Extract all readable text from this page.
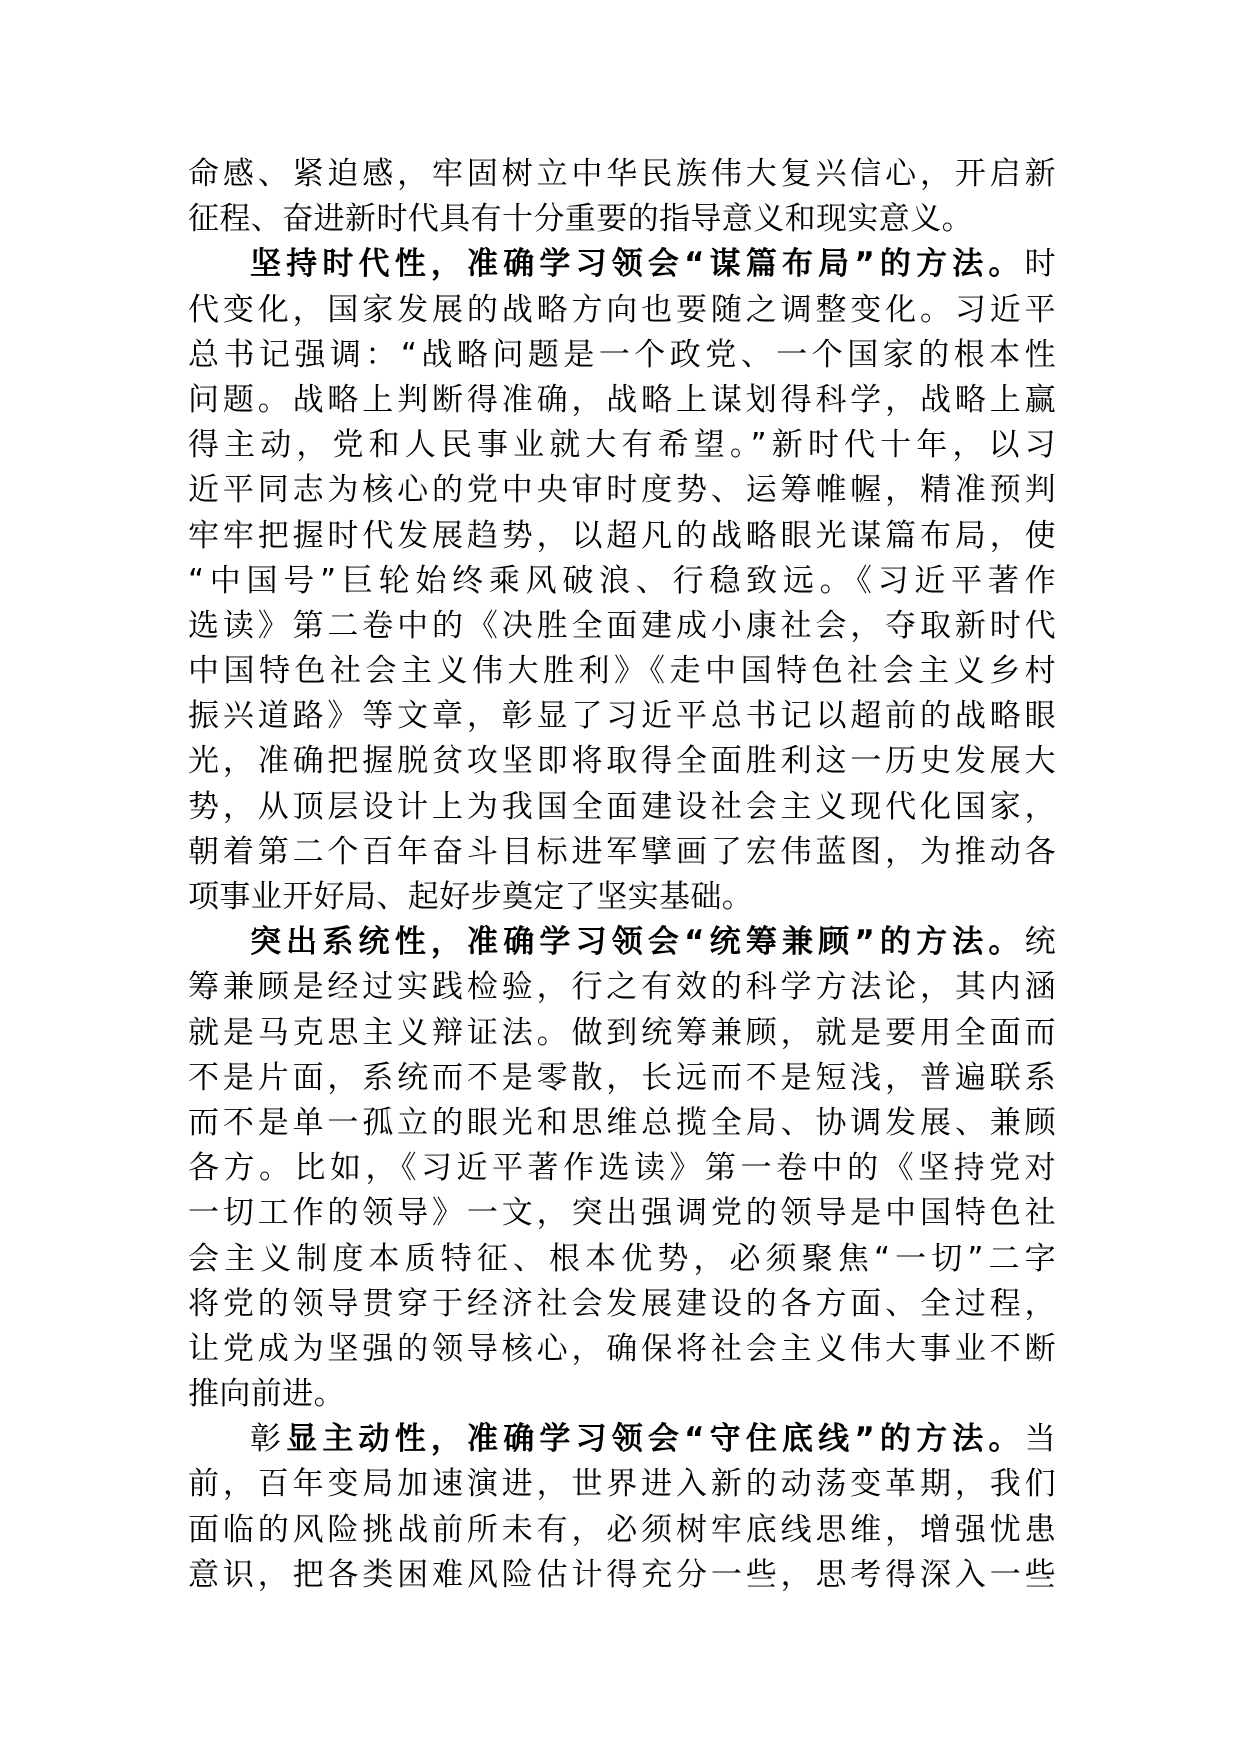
命感、紧迫感，牢固树立中华民族伟大复兴信心，开启新
征程、奋进新时代具有十分重要的指导意义和现实意义。
坚持时代性，准确学习领会“谋篇布局”的方法。时
代变化，国家发展的战略方向也要随之调整变化。习近平
总书记强调：“战略问题是一个政党、一个国家的根本性
问题。战略上判断得准确，战略上谋划得科学，战略上赢
得主动，党和人民事业就大有希望。”新时代十年，以习
近平同志为核心的党中央审时度势、运筹帷幄，精准预判
牢牢把握时代发展趋势，以超凡的战略眼光谋篇布局，使
“中国号”巨轮始终乘风破浪、行稳致远。《习近平著作
选读》第二卷中的《决胜全面建成小康社会，夺取新时代
中国特色社会主义伟大胜利》《走中国特色社会主义乡村
振兴道路》等文章，彰显了习近平总书记以超前的战略眼
光，准确把握脱贫攻坚即将取得全面胜利这一历史发展大
势，从顶层设计上为我国全面建设社会主义现代化国家，
朝着第二个百年奋斗目标进军擘画了宏伟蓝图，为推动各
项事业开好局、起好步奠定了坚实基础。
突出系统性，准确学习领会“统筹兼顾”的方法。统
筹兼顾是经过实践检验，行之有效的科学方法论，其内涵
就是马克思主义辩证法。做到统筹兼顾，就是要用全面而
不是片面，系统而不是零散，长远而不是短浅，普遍联系
而不是单一孤立的眼光和思维总揽全局、协调发展、兼顾
各方。比如，《习近平著作选读》第一卷中的《坚持党对
一切工作的领导》一文，突出强调党的领导是中国特色社
会主义制度本质特征、根本优势，必须聚焦“一切”二字
将党的领导贯穿于经济社会发展建设的各方面、全过程，
让党成为坚强的领导核心，确保将社会主义伟大事业不断
推向前进。
彰显主动性，准确学习领会“守住底线”的方法。当
前，百年变局加速演进，世界进入新的动荡变革期，我们
面临的风险挑战前所未有，必须树牢底线思维，增强忧患
意识，把各类困难风险估计得充分一些，思考得深入一些
